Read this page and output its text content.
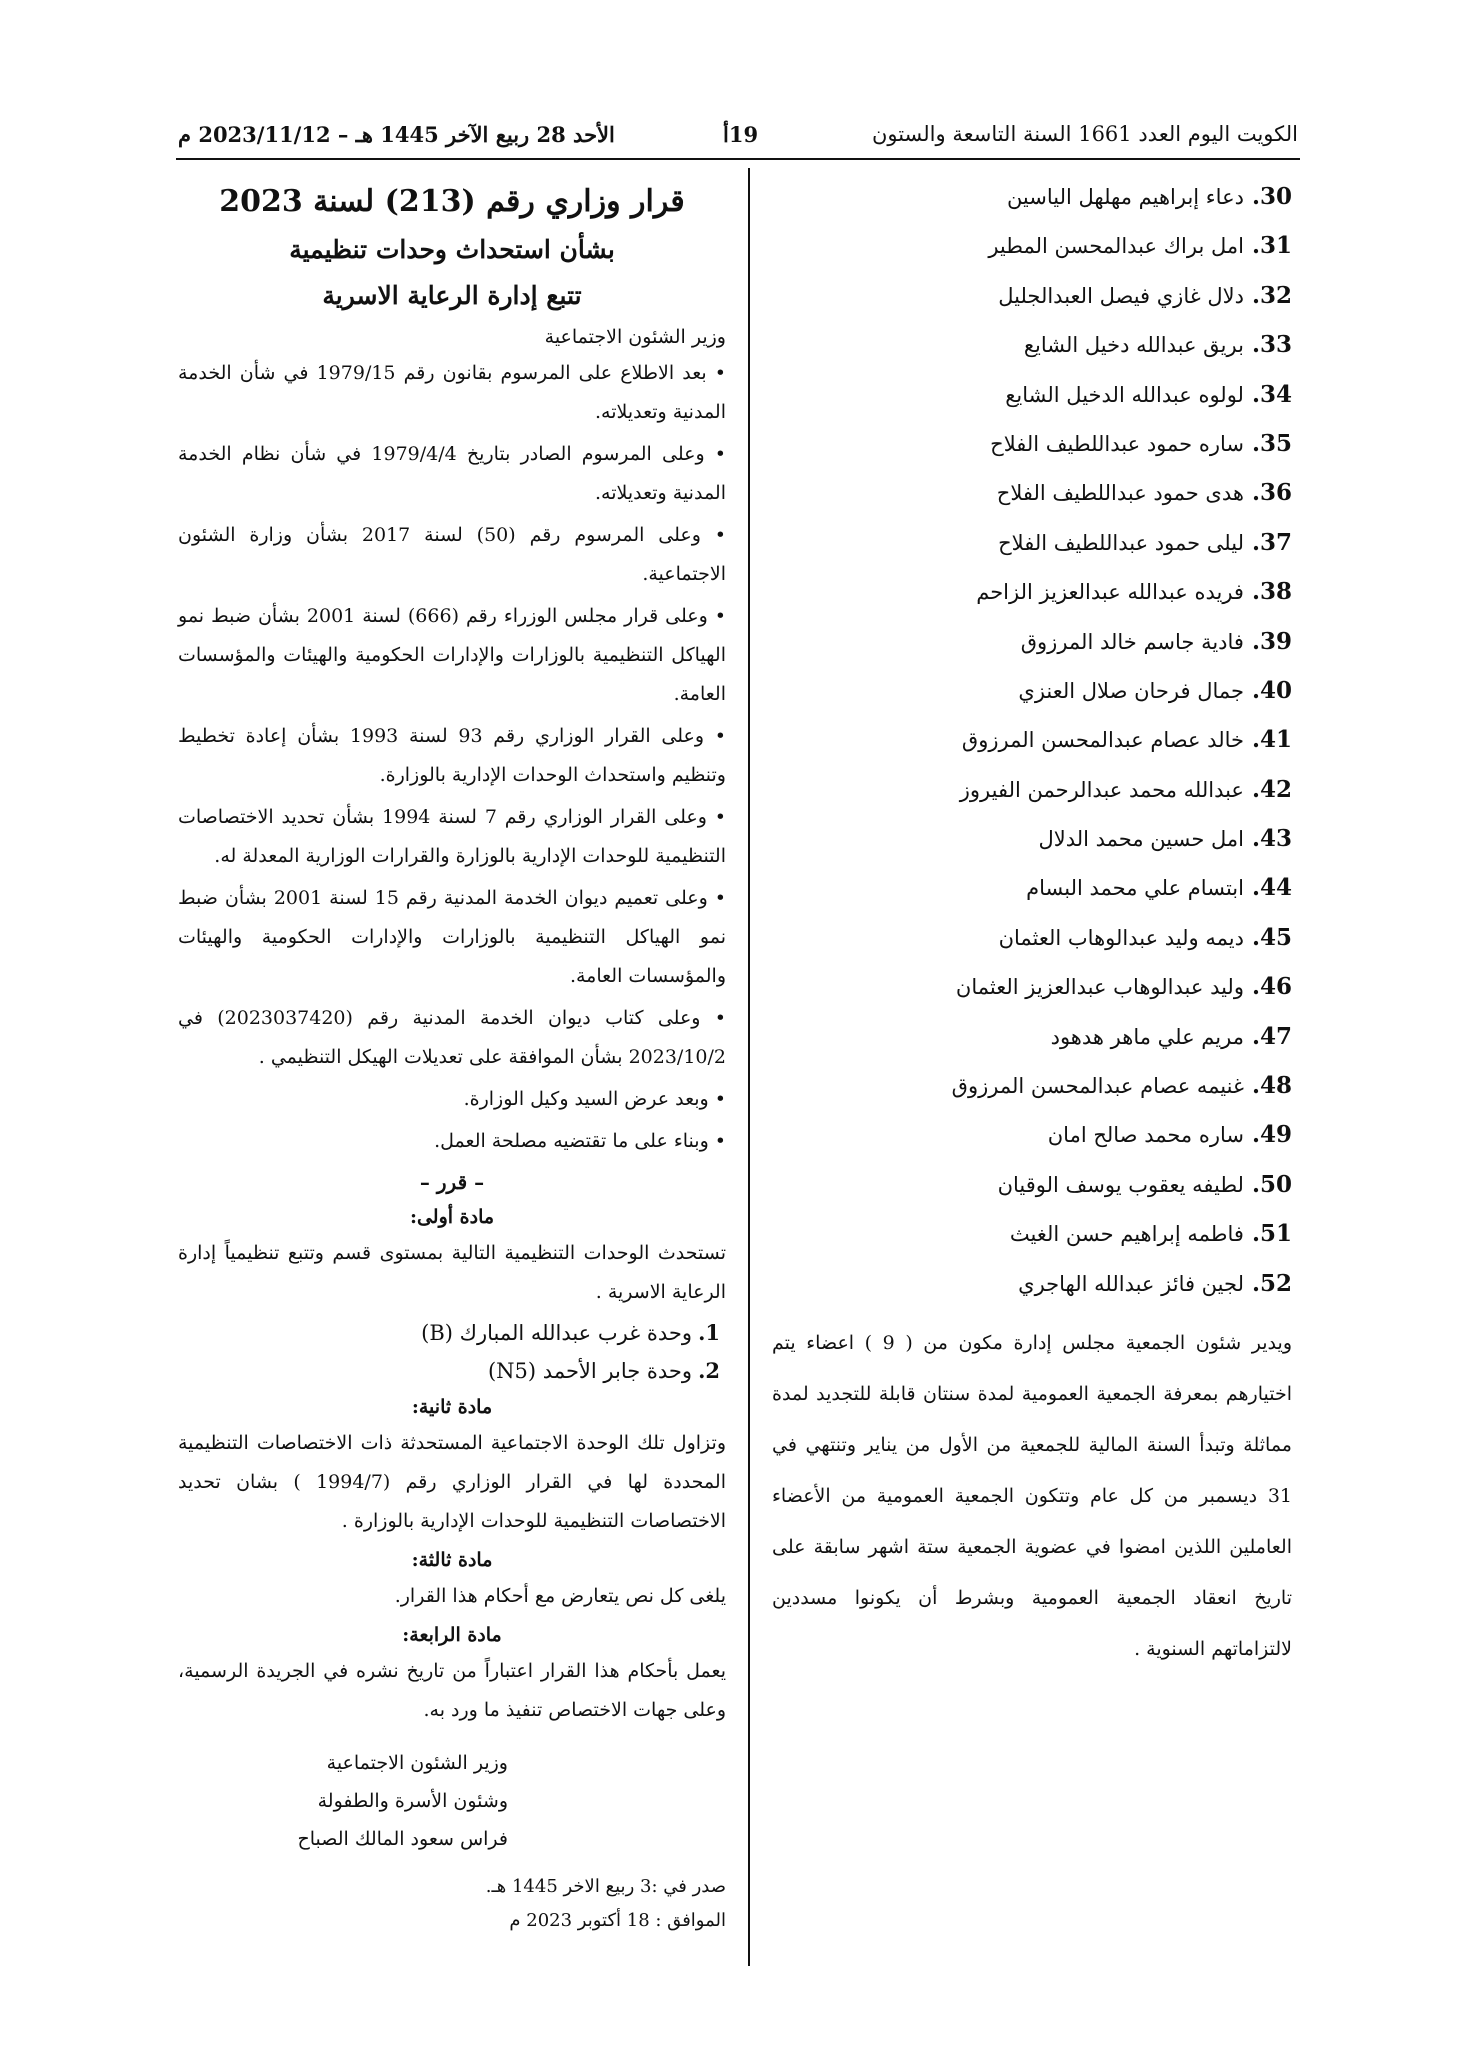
الكويت اليوم العدد 1661 السنة التاسعة والستون
19أ
الأحد 28 ربيع الآخر 1445 هـ – 2023/11/12 م
30.دعاء إبراهيم مهلهل الياسين
31.امل براك عبدالمحسن المطير
32.دلال غازي فيصل العبدالجليل
33.بريق عبدالله دخيل الشايع
34.لولوه عبدالله الدخيل الشايع
35.ساره حمود عبداللطيف الفلاح
36.هدى حمود عبداللطيف الفلاح
37.ليلى حمود عبداللطيف الفلاح
38.فريده عبدالله عبدالعزيز الزاحم
39.فادية جاسم خالد المرزوق
40.جمال فرحان صلال العنزي
41.خالد عصام عبدالمحسن المرزوق
42.عبدالله محمد عبدالرحمن الفيروز
43.امل حسين محمد الدلال
44.ابتسام علي محمد البسام
45.ديمه وليد عبدالوهاب العثمان
46.وليد عبدالوهاب عبدالعزيز العثمان
47.مريم علي ماهر هدهود
48.غنيمه عصام عبدالمحسن المرزوق
49.ساره محمد صالح امان
50.لطيفه يعقوب يوسف الوقيان
51.فاطمه إبراهيم حسن الغيث
52.لجين فائز عبدالله الهاجري

ويدير شئون الجمعية مجلس إدارة مكون من ( 9 ) اعضاء يتم اختيارهم بمعرفة الجمعية العمومية لمدة سنتان قابلة للتجديد لمدة مماثلة وتبدأ السنة المالية للجمعية من الأول من يناير وتنتهي في 31 ديسمبر من كل عام وتتكون الجمعية العمومية من الأعضاء العاملين اللذين امضوا في عضوية الجمعية ستة اشهر سابقة على تاريخ انعقاد الجمعية العمومية وبشرط أن يكونوا مسددين لالتزاماتهم السنوية .

قرار وزاري رقم (213) لسنة 2023
بشأن استحداث وحدات تنظيمية
تتبع إدارة الرعاية الاسرية

وزير الشئون الاجتماعية

• بعد الاطلاع على المرسوم بقانون رقم 1979/15 في شأن الخدمة المدنية وتعديلاته.
• وعلى المرسوم الصادر بتاريخ 1979/4/4 في شأن نظام الخدمة المدنية وتعديلاته.
• وعلى المرسوم رقم (50) لسنة 2017 بشأن وزارة الشئون الاجتماعية.
• وعلى قرار مجلس الوزراء رقم (666) لسنة 2001 بشأن ضبط نمو الهياكل التنظيمية بالوزارات والإدارات الحكومية والهيئات والمؤسسات العامة.
• وعلى القرار الوزاري رقم 93 لسنة 1993 بشأن إعادة تخطيط وتنظيم واستحداث الوحدات الإدارية بالوزارة.
• وعلى القرار الوزاري رقم 7 لسنة 1994 بشأن تحديد الاختصاصات التنظيمية للوحدات الإدارية بالوزارة والقرارات الوزارية المعدلة له.
• وعلى تعميم ديوان الخدمة المدنية رقم 15 لسنة 2001 بشأن ضبط نمو الهياكل التنظيمية بالوزارات والإدارات الحكومية والهيئات والمؤسسات العامة.
• وعلى كتاب ديوان الخدمة المدنية رقم (2023037420) في 2023/10/2 بشأن الموافقة على تعديلات الهيكل التنظيمي .
• وبعد عرض السيد وكيل الوزارة.
• وبناء على ما تقتضيه مصلحة العمل.

– قرر –

مادة أولى:

تستحدث الوحدات التنظيمية التالية بمستوى قسم وتتبع تنظيمياً إدارة الرعاية الاسرية .

1.وحدة غرب عبدالله المبارك (B)
2.وحدة جابر الأحمد (N5)

مادة ثانية:

وتزاول تلك الوحدة الاجتماعية المستحدثة ذات الاختصاصات التنظيمية المحددة لها في القرار الوزاري رقم (1994/7 ) بشان تحديد الاختصاصات التنظيمية للوحدات الإدارية بالوزارة .

مادة ثالثة:

يلغى كل نص يتعارض مع أحكام هذا القرار.

مادة الرابعة:

يعمل بأحكام هذا القرار اعتباراً من تاريخ نشره في الجريدة الرسمية، وعلى جهات الاختصاص تنفيذ ما ورد به.

وزير الشئون الاجتماعية
وشئون الأسرة والطفولة
فراس سعود المالك الصباح
صدر في :3 ربيع الاخر 1445 هـ.
الموافق : 18 أكتوبر 2023 م
